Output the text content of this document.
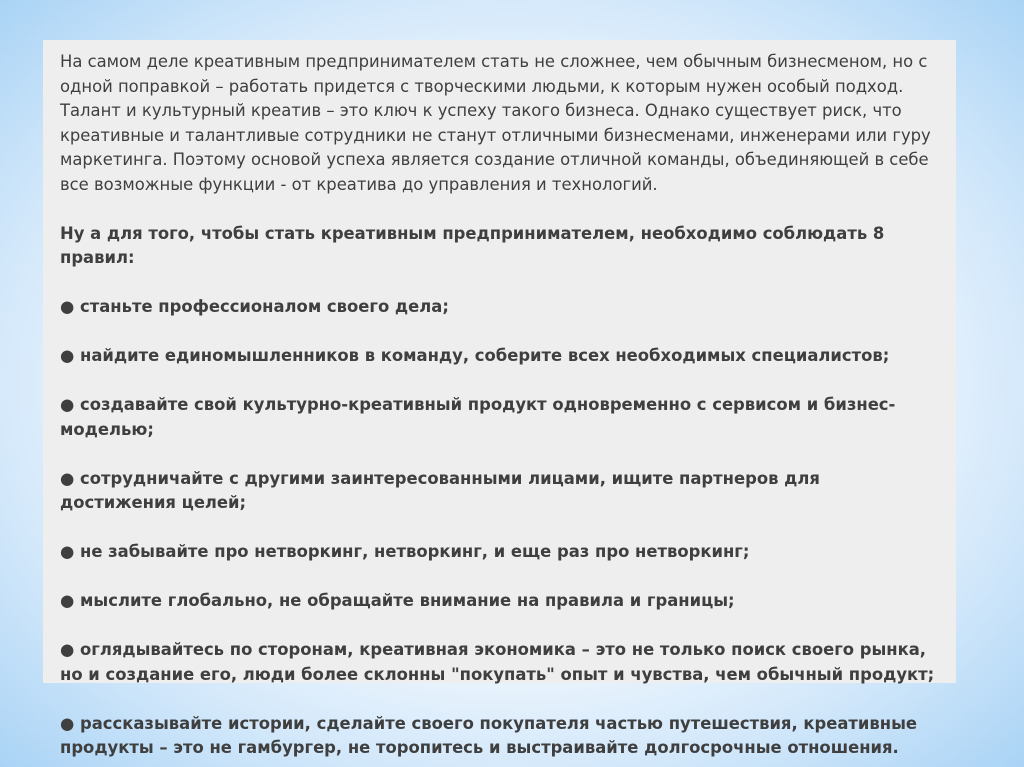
На самом деле креативным предпринимателем стать не сложнее, чем обычным бизнесменом, но с одной поправкой – работать придется с творческими людьми, к которым нужен особый подход. Талант и культурный креатив – это ключ к успеху такого бизнеса. Однако существует риск, что креативные и талантливые сотрудники не станут отличными бизнесменами, инженерами или гуру маркетинга. Поэтому основой успеха является создание отличной команды, объединяющей в себе все возможные функции - от креатива до управления и технологий.

Ну а для того, чтобы стать креативным предпринимателем, необходимо соблюдать 8 правил:

● станьте профессионалом своего дела;

● найдите единомышленников в команду, соберите всех необходимых специалистов;

● создавайте свой культурно-креативный продукт одновременно с сервисом и бизнес-моделью;

● сотрудничайте с другими заинтересованными лицами, ищите партнеров для достижения целей;

● не забывайте про нетворкинг, нетворкинг, и еще раз про нетворкинг;

● мыслите глобально, не обращайте внимание на правила и границы;

● оглядывайтесь по сторонам, креативная экономика – это не только поиск своего рынка, но и создание его, люди более склонны "покупать" опыт и чувства, чем обычный продукт;

● рассказывайте истории, сделайте своего покупателя частью путешествия, креативные продукты – это не гамбургер, не торопитесь и выстраивайте долгосрочные отношения.
